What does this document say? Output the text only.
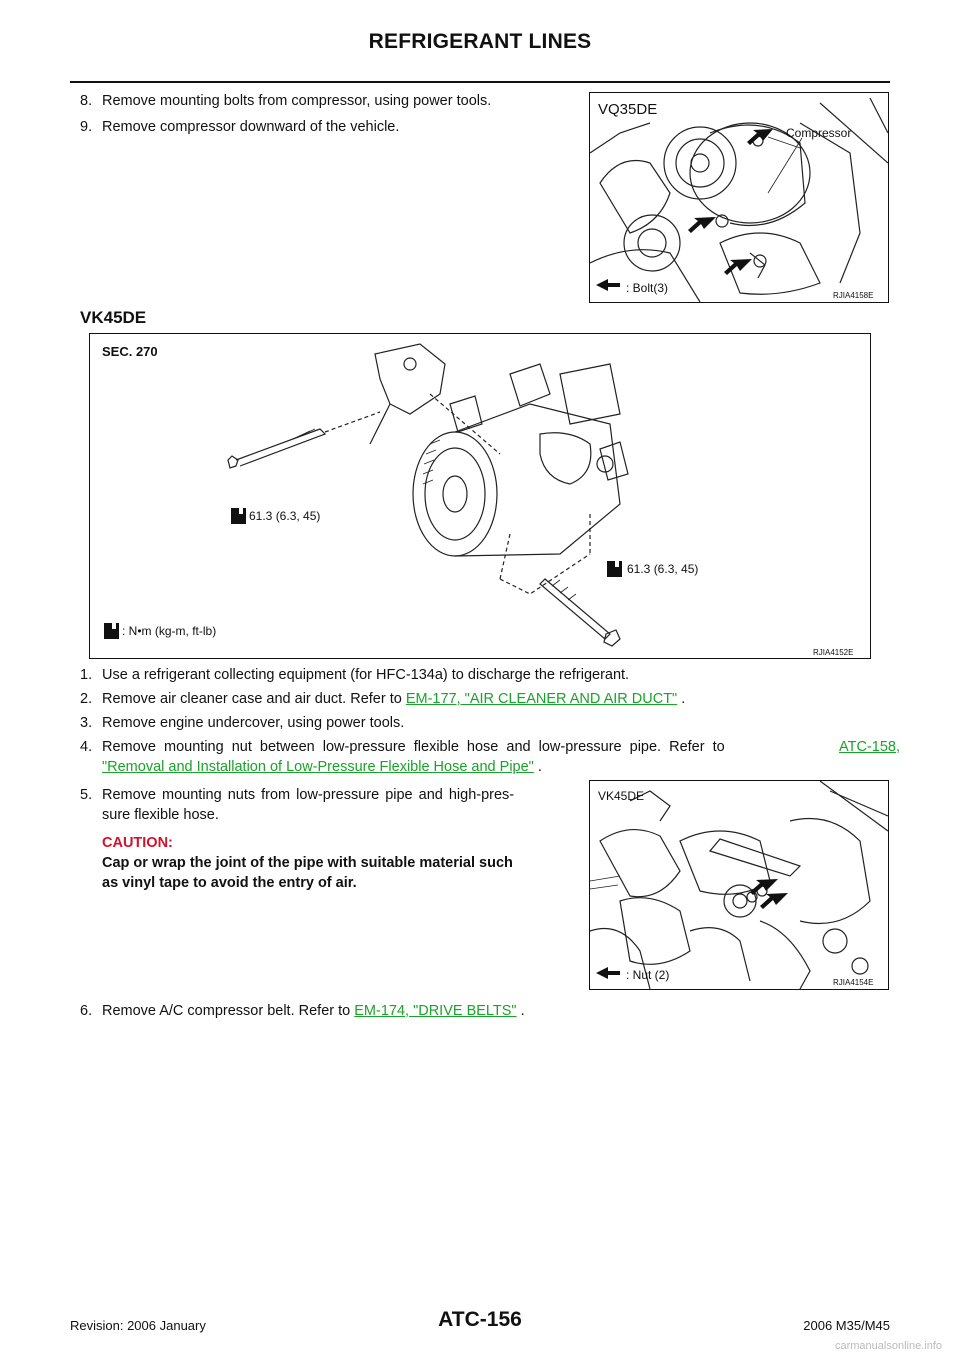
REFRIGERANT LINES
8. Remove mounting bolts from compressor, using power tools.
9. Remove compressor downward of the vehicle.
VQ35DE
Compressor
: Bolt(3)
RJIA4158E
VK45DE
SEC. 270
61.3 (6.3, 45)
61.3 (6.3, 45)
: N•m (kg-m, ft-lb)
RJIA4152E
1. Use a refrigerant collecting equipment (for HFC-134a) to discharge the refrigerant.
2. Remove air cleaner case and air duct. Refer to EM-177, "AIR CLEANER AND AIR DUCT" .
3. Remove engine undercover, using power tools.
4. Remove mounting nut between low-pressure flexible hose and low-pressure pipe. Refer to	ATC-158,
"Removal and Installation of Low-Pressure Flexible Hose and Pipe" .
5. Remove mounting nuts from low-pressure pipe and high-pres-
sure flexible hose.
CAUTION:
Cap or wrap the joint of the pipe with suitable material such
as vinyl tape to avoid the entry of air.
VK45DE
: Nut (2)
RJIA4154E
6. Remove A/C compressor belt. Refer to EM-174, "DRIVE BELTS" .
Revision: 2006 January	ATC-156	2006 M35/M45
carmanualsonline.info
